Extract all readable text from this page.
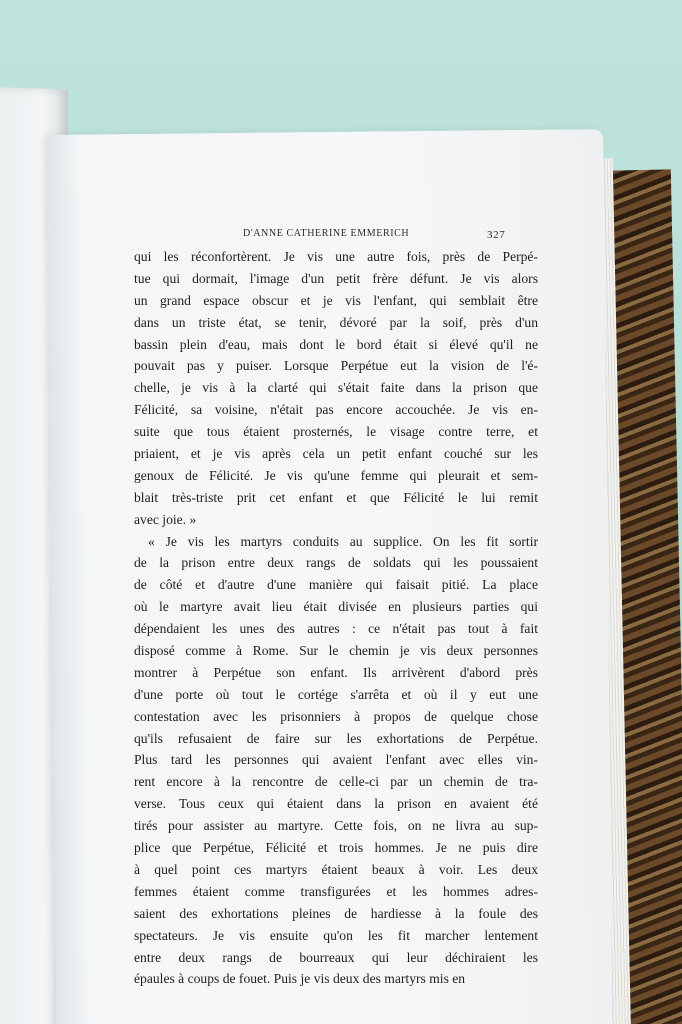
D'ANNE CATHERINE EMMERICH	327
qui les réconfortèrent. Je vis une autre fois, près de Perpé-
tue qui dormait, l'image d'un petit frère défunt. Je vis alors
un grand espace obscur et je vis l'enfant, qui semblait être
dans un triste état, se tenir, dévoré par la soif, près d'un
bassin plein d'eau, mais dont le bord était si élevé qu'il ne
pouvait pas y puiser. Lorsque Perpétue eut la vision de l'é-
chelle, je vis à la clarté qui s'était faite dans la prison que
Félicité, sa voisine, n'était pas encore accouchée. Je vis en-
suite que tous étaient prosternés, le visage contre terre, et
priaient, et je vis après cela un petit enfant couché sur les
genoux de Félicité. Je vis qu'une femme qui pleurait et sem-
blait très-triste prit cet enfant et que Félicité le lui remit
avec joie. »
« Je vis les martyrs conduits au supplice. On les fit sortir
de la prison entre deux rangs de soldats qui les poussaient
de côté et d'autre d'une manière qui faisait pitié. La place
où le martyre avait lieu était divisée en plusieurs parties qui
dépendaient les unes des autres : ce n'était pas tout à fait
disposé comme à Rome. Sur le chemin je vis deux personnes
montrer à Perpétue son enfant. Ils arrivèrent d'abord près
d'une porte où tout le cortége s'arrêta et où il y eut une
contestation avec les prisonniers à propos de quelque chose
qu'ils refusaient de faire sur les exhortations de Perpétue.
Plus tard les personnes qui avaient l'enfant avec elles vin-
rent encore à la rencontre de celle-ci par un chemin de tra-
verse. Tous ceux qui étaient dans la prison en avaient été
tirés pour assister au martyre. Cette fois, on ne livra au sup-
plice que Perpétue, Félicité et trois hommes. Je ne puis dire
à quel point ces martyrs étaient beaux à voir. Les deux
femmes étaient comme transfigurées et les hommes adres-
saient des exhortations pleines de hardiesse à la foule des
spectateurs. Je vis ensuite qu'on les fit marcher lentement
entre deux rangs de bourreaux qui leur déchiraient les
épaules à coups de fouet. Puis je vis deux des martyrs mis en
